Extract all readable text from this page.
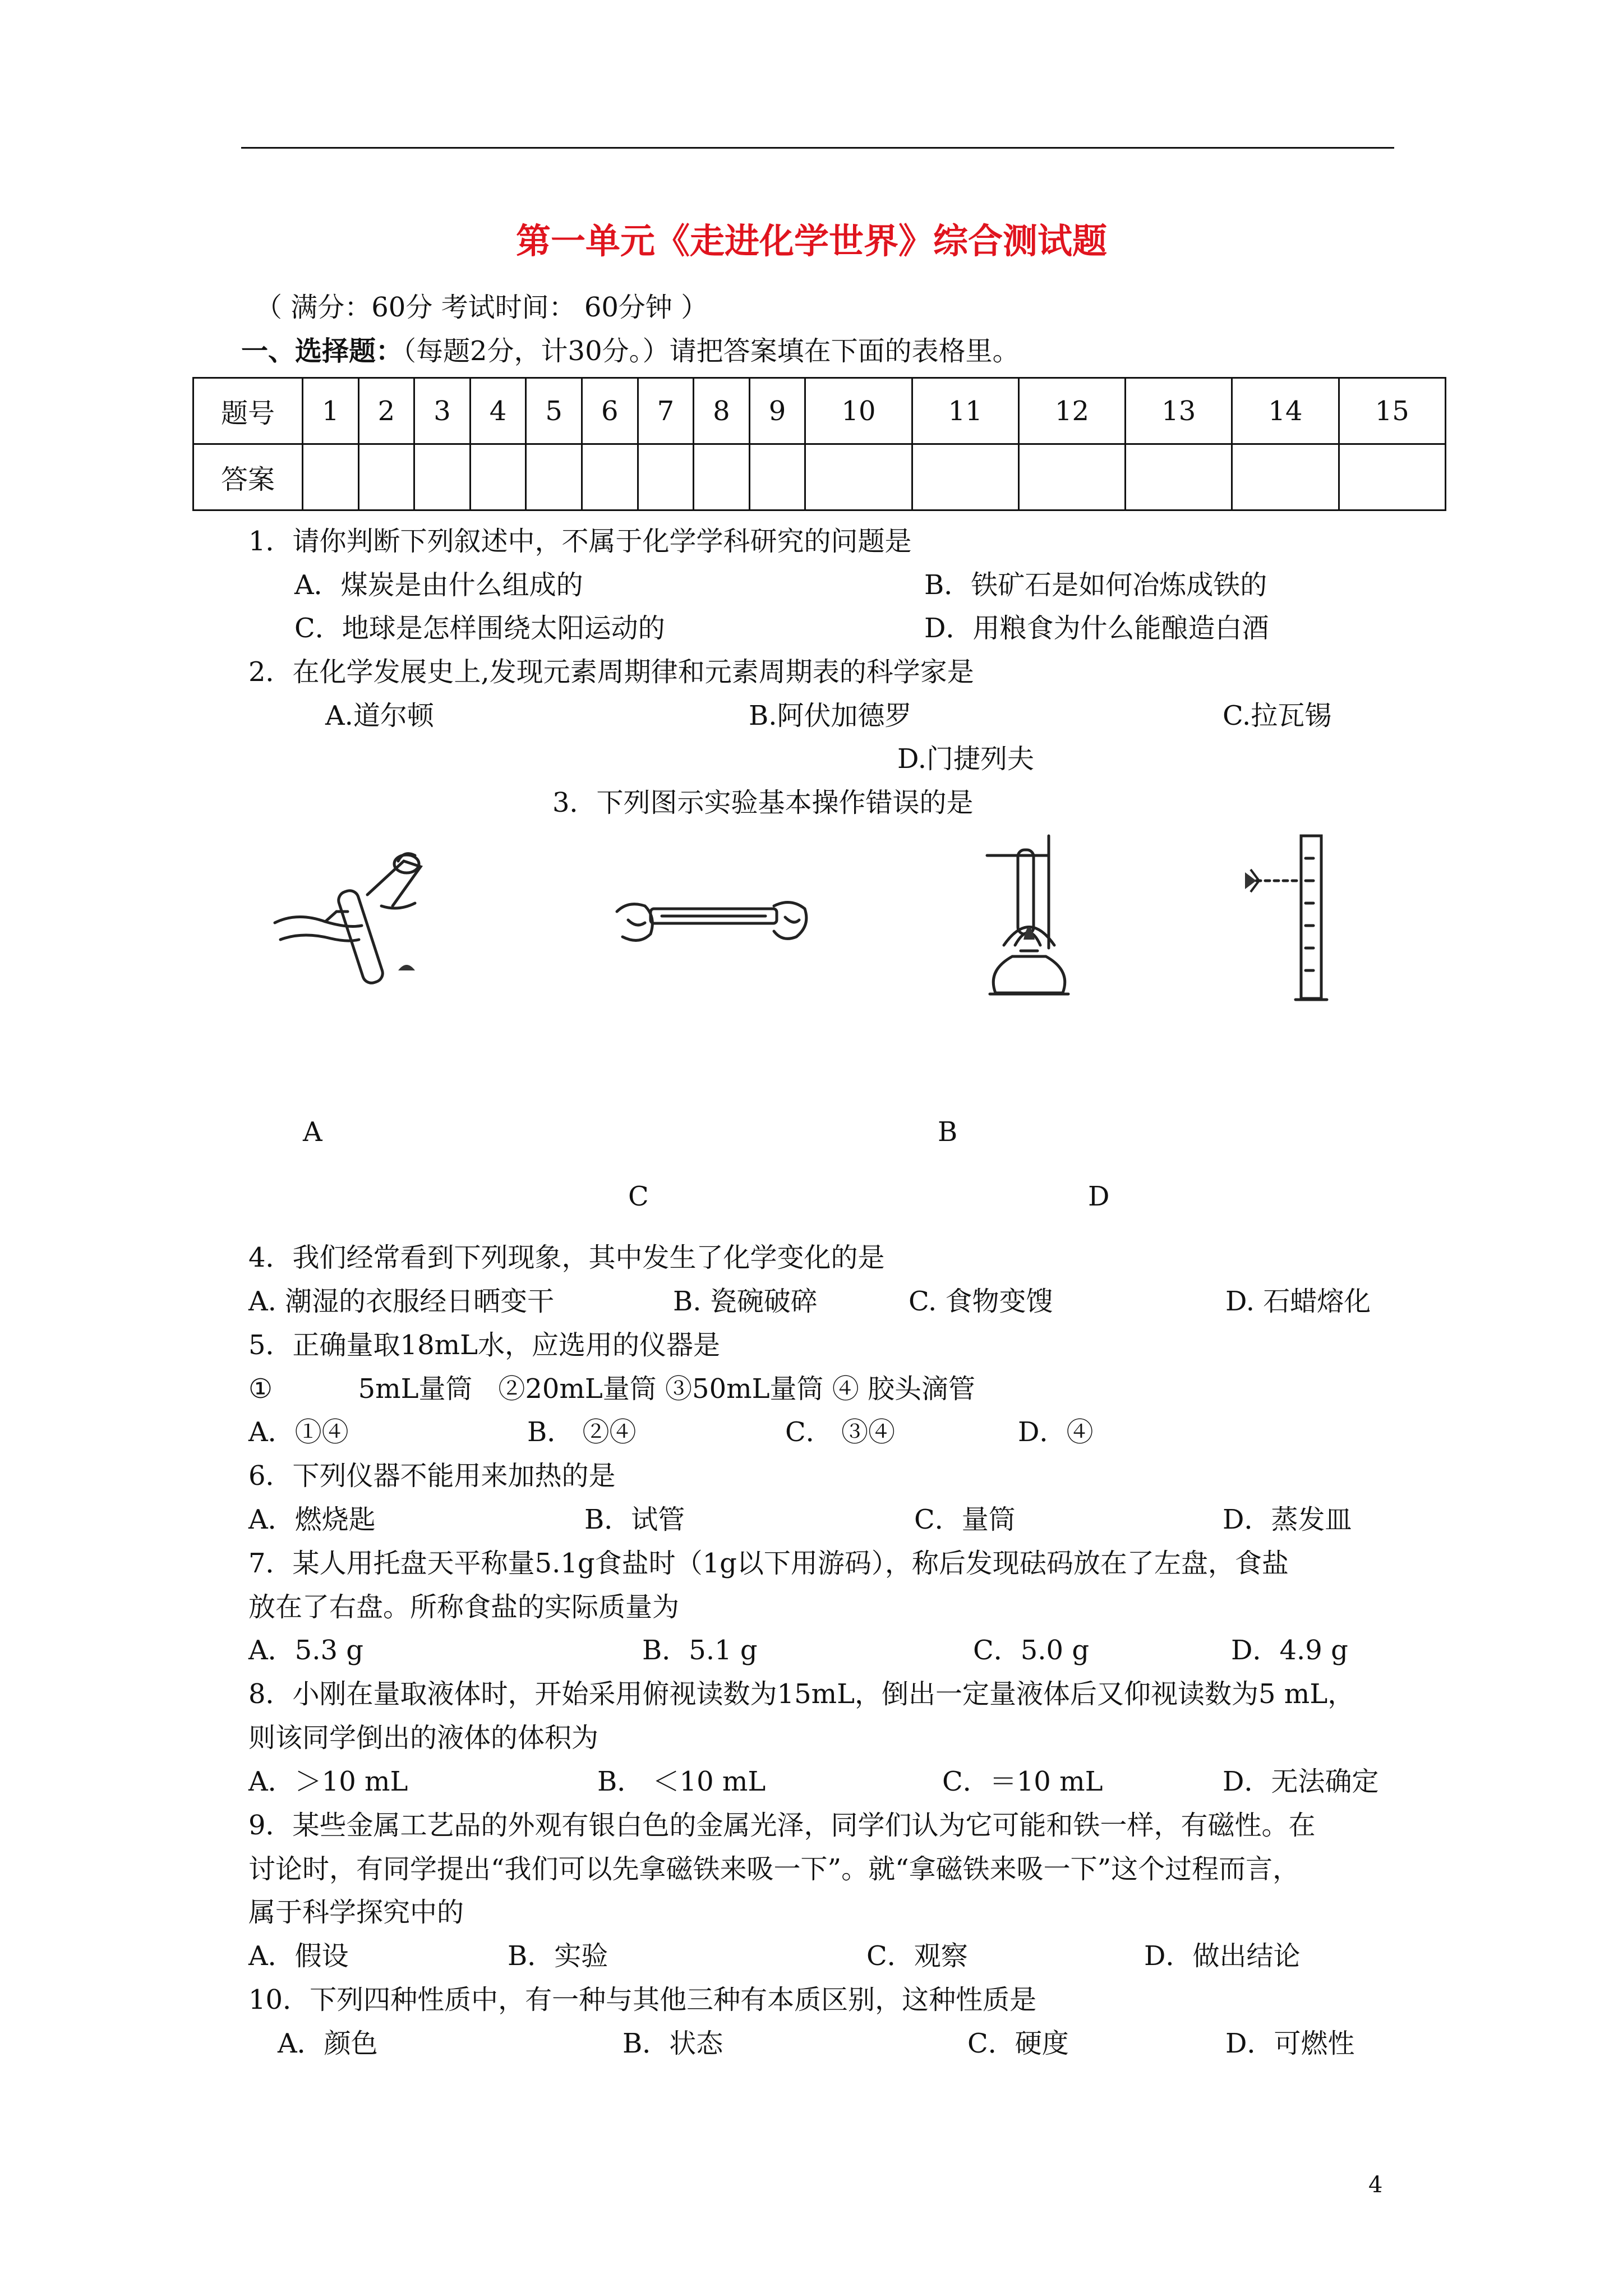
第一单元《走进化学世界》综合测试题
（ 满分：60分 考试时间： 60分钟 ）
一、选择题：（每题2分，计30分。）请把答案填在下面的表格里。
题号	1	2	3	4	5	6	7	8	9	10	11	12	13	14	15
答案															
1．请你判断下列叙述中，不属于化学学科研究的问题是
A．煤炭是由什么组成的	B．铁矿石是如何冶炼成铁的
C．地球是怎样围绕太阳运动的	D．用粮食为什么能酿造白酒
2．在化学发展史上,发现元素周期律和元素周期表的科学家是
A.道尔顿	B.阿伏加德罗	C.拉瓦锡
D.门捷列夫
3．下列图示实验基本操作错误的是
A	B
C	D
4．我们经常看到下列现象，其中发生了化学变化的是
A. 潮湿的衣服经日晒变干	B. 瓷碗破碎	C. 食物变馊	D. 石蜡熔化
5．正确量取18mL水，应选用的仪器是
①          5mL量筒   ②20mL量筒 ③50mL量筒 ④ 胶头滴管
A．①④	B． ②④	C． ③④	D．④
6．下列仪器不能用来加热的是
A．燃烧匙	B．试管	C．量筒	D．蒸发皿
7．某人用托盘天平称量5.1g食盐时（1g以下用游码），称后发现砝码放在了左盘，食盐
放在了右盘。所称食盐的实际质量为
A．5.3 g	B．5.1 g	C．5.0 g	D．4.9 g
8．小刚在量取液体时，开始采用俯视读数为15mL，倒出一定量液体后又仰视读数为5 mL，
则该同学倒出的液体的体积为
A．＞10 mL	B． ＜10 mL	C．＝10 mL	D．无法确定
9．某些金属工艺品的外观有银白色的金属光泽，同学们认为它可能和铁一样，有磁性。在
讨论时，有同学提出“我们可以先拿磁铁来吸一下”。就“拿磁铁来吸一下”这个过程而言，
属于科学探究中的
A．假设	B．实验	C．观察	D．做出结论
10．下列四种性质中，有一种与其他三种有本质区别，这种性质是
A．颜色	B．状态	C．硬度	D．可燃性
4
